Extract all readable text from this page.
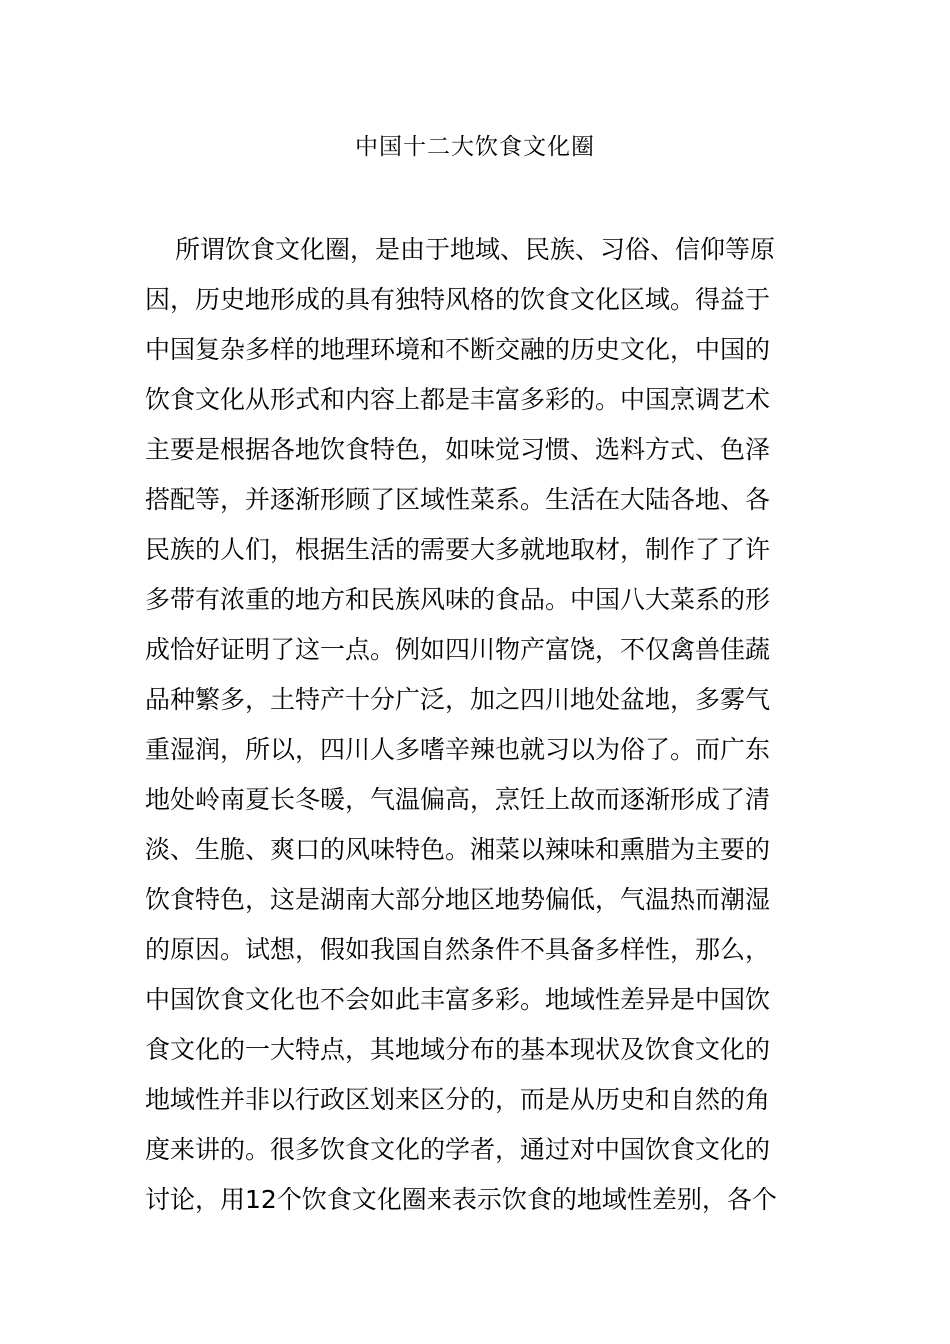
中国十二大饮食文化圈
所谓饮食文化圈，是由于地域、民族、习俗、信仰等原
因，历史地形成的具有独特风格的饮食文化区域。得益于
中国复杂多样的地理环境和不断交融的历史文化，中国的
饮食文化从形式和内容上都是丰富多彩的。中国烹调艺术
主要是根据各地饮食特色，如味觉习惯、选料方式、色泽
搭配等，并逐渐形顾了区域性菜系。生活在大陆各地、各
民族的人们，根据生活的需要大多就地取材，制作了了许
多带有浓重的地方和民族风味的食品。中国八大菜系的形
成恰好证明了这一点。例如四川物产富饶，不仅禽兽佳蔬
品种繁多，土特产十分广泛，加之四川地处盆地，多雾气
重湿润，所以，四川人多嗜辛辣也就习以为俗了。而广东
地处岭南夏长冬暖，气温偏高，烹饪上故而逐渐形成了清
淡、生脆、爽口的风味特色。湘菜以辣味和熏腊为主要的
饮食特色，这是湖南大部分地区地势偏低，气温热而潮湿
的原因。试想，假如我国自然条件不具备多样性，那么，
中国饮食文化也不会如此丰富多彩。地域性差异是中国饮
食文化的一大特点，其地域分布的基本现状及饮食文化的
地域性并非以行政区划来区分的，而是从历史和自然的角
度来讲的。很多饮食文化的学者，通过对中国饮食文化的
讨论，用12个饮食文化圈来表示饮食的地域性差别，各个
